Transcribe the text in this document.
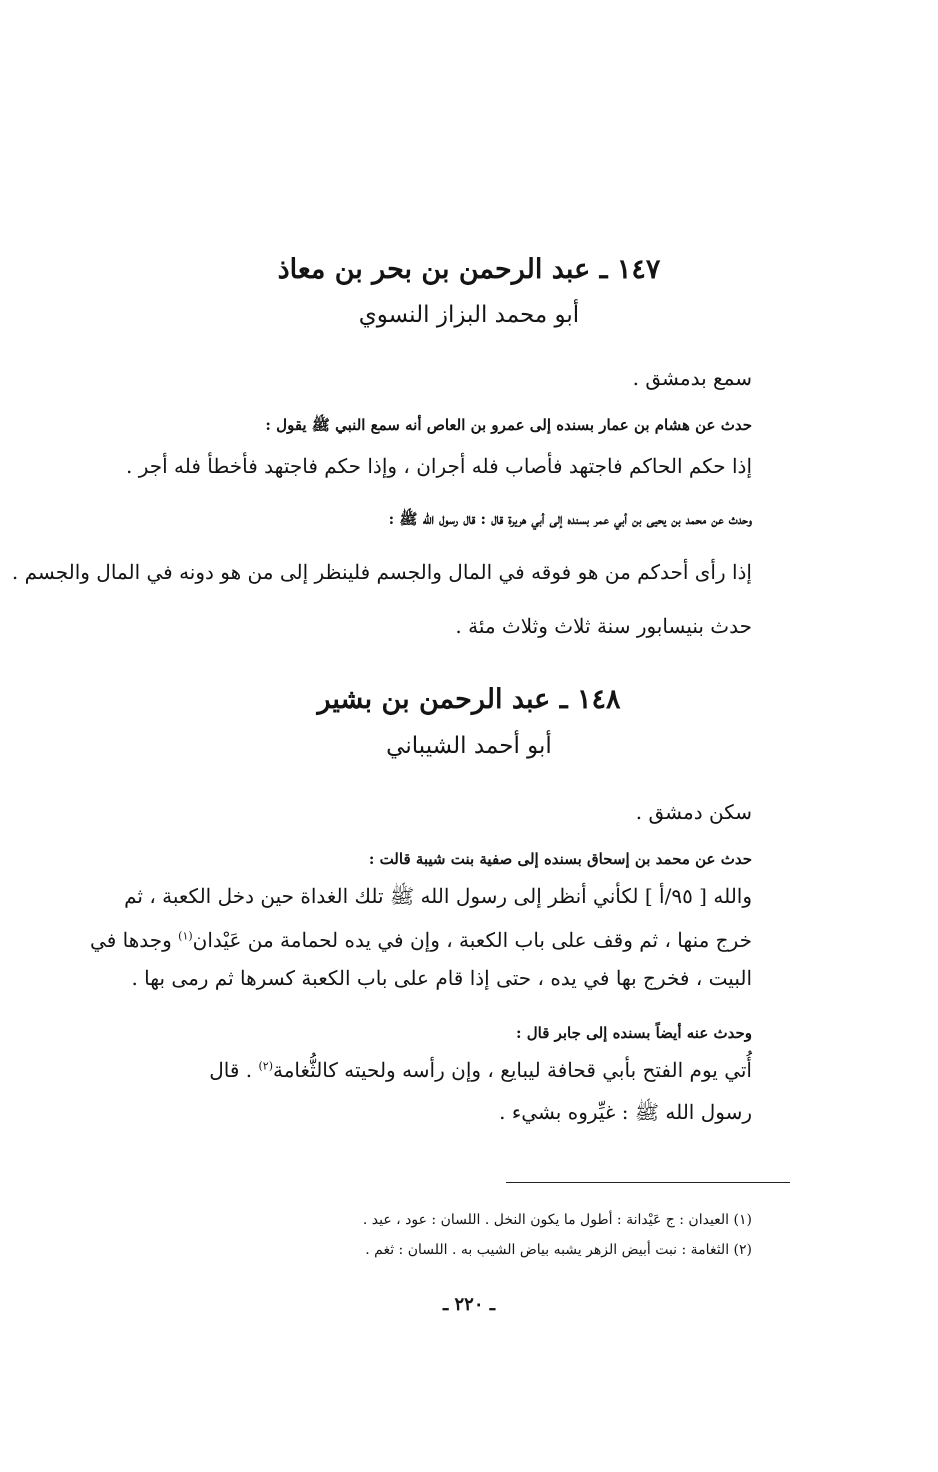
١٤٧ ـ عبد الرحمن بن بحر بن معاذ
أبو محمد البزاز النسوي
سمع بدمشق .
حدث عن هشام بن عمار بسنده إلى عمرو بن العاص أنه سمع النبي ﷺ يقول :
إذا حكم الحاكم فاجتهد فأصاب فله أجران ، وإذا حكم فاجتهد فأخطأ فله أجر .
وحدث عن محمد بن يحيى بن أبي عمر بسنده إلى أبي هريرة قال : قال رسول الله ﷺ :
إذا رأى أحدكم من هو فوقه في المال والجسم فلينظر إلى من هو دونه في المال والجسم .
حدث بنيسابور سنة ثلاث وثلاث مئة .
١٤٨ ـ عبد الرحمن بن بشير
أبو أحمد الشيباني
سكن دمشق .
حدث عن محمد بن إسحاق بسنده إلى صفية بنت شيبة قالت :
والله [ ٩٥/أ ] لكأني أنظر إلى رسول الله ﷺ تلك الغداة حين دخل الكعبة ، ثم
خرج منها ، ثم وقف على باب الكعبة ، وإن في يده لحمامة من عَيْدان$^{(١)}$ وجدها في
البيت ، فخرج بها في يده ، حتى إذا قام على باب الكعبة كسرها ثم رمى بها .
وحدث عنه أيضاً بسنده إلى جابر قال :
أُتي يوم الفتح بأبي قحافة ليبايع ، وإن رأسه ولحيته كالثُّغامة$^{(٢)}$ . قال
رسول الله ﷺ : غيِّروه بشيء .
(١) العيدان : ج عَيْدانة : أطول ما يكون النخل . اللسان : عود ، عيد .
(٢) الثغامة : نبت أبيض الزهر يشبه بياض الشيب به . اللسان : ثغم .
ـ ٢٢٠ ـ
